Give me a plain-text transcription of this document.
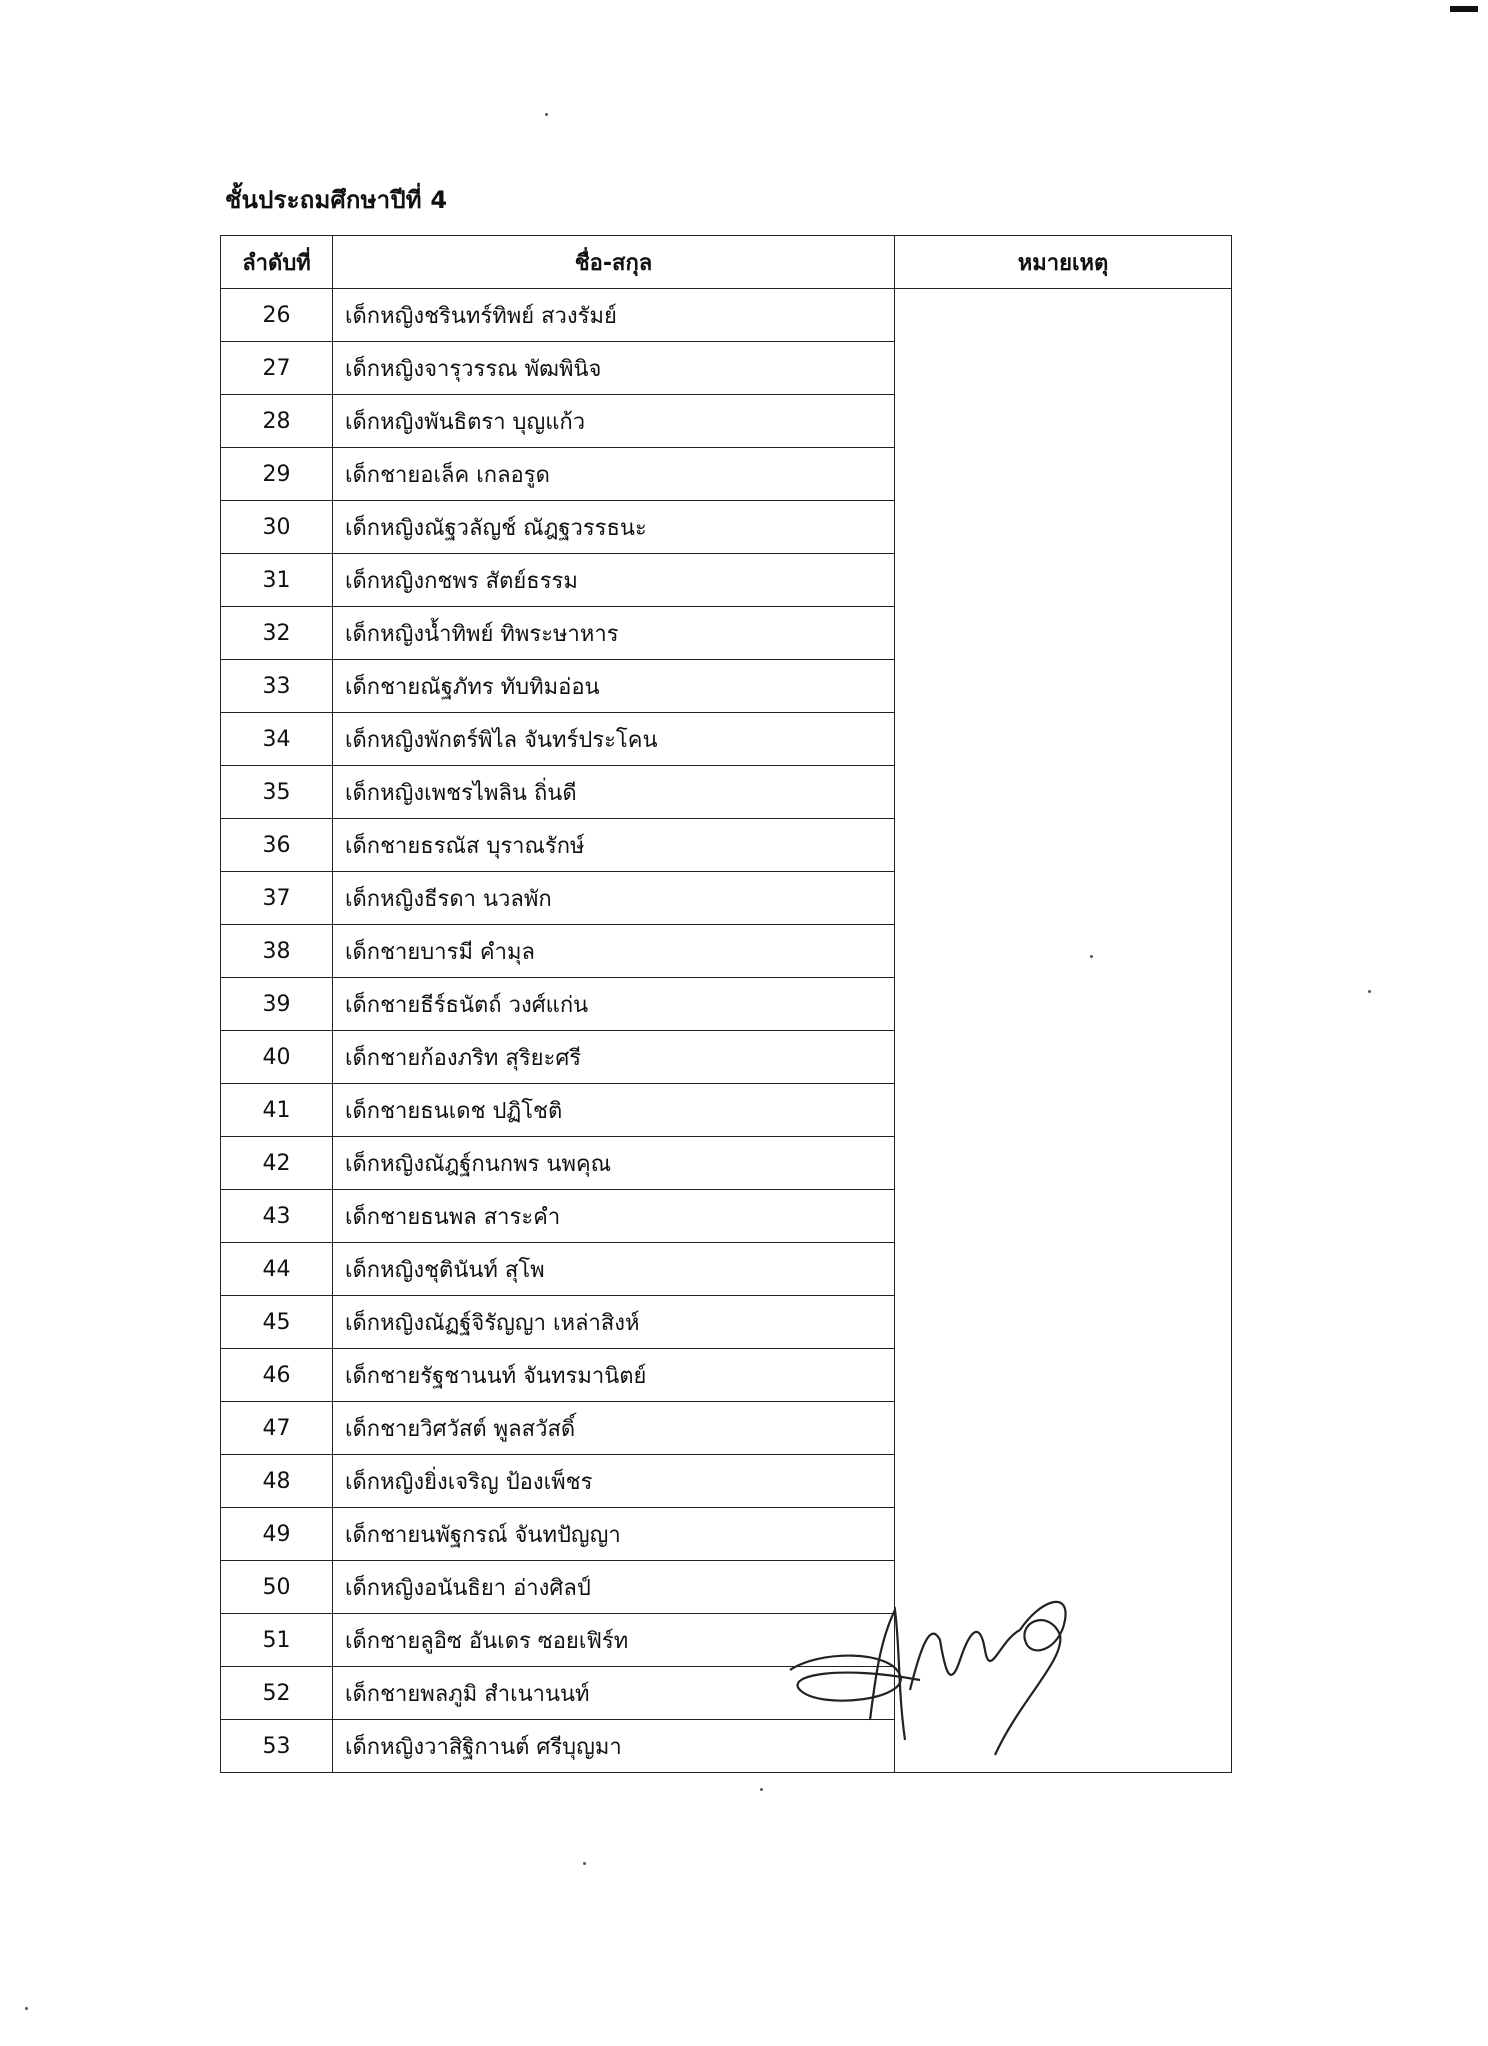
ชั้นประถมศึกษาปีที่ 4
ลำดับที่	ชื่อ-สกุล	หมายเหตุ
26	เด็กหญิงชรินทร์ทิพย์ สวงรัมย์	
27	เด็กหญิงจารุวรรณ พัฒพินิจ	
28	เด็กหญิงพันธิตรา บุญแก้ว	
29	เด็กชายอเล็ค เกลอรูด	
30	เด็กหญิงณัฐวลัญช์ ณัฎฐวรรธนะ	
31	เด็กหญิงกชพร สัตย์ธรรม	
32	เด็กหญิงน้ำทิพย์ ทิพระษาหาร	
33	เด็กชายณัฐภัทร ทับทิมอ่อน	
34	เด็กหญิงพักตร์พิไล จันทร์ประโคน	
35	เด็กหญิงเพชรไพลิน ถิ่นดี	
36	เด็กชายธรณัส บุราณรักษ์	
37	เด็กหญิงธีรดา นวลพัก	
38	เด็กชายบารมี คำมุล	
39	เด็กชายธีร์ธนัตถ์ วงศ์แก่น	
40	เด็กชายก้องภริท สุริยะศรี	
41	เด็กชายธนเดช ปฏิโชติ	
42	เด็กหญิงณัฎฐ์กนกพร นพคุณ	
43	เด็กชายธนพล สาระคำ	
44	เด็กหญิงชุตินันท์ สุโพ	
45	เด็กหญิงณัฏฐ์จิรัญญา เหล่าสิงห์	
46	เด็กชายรัฐชานนท์ จันทรมานิตย์	
47	เด็กชายวิศวัสต์ พูลสวัสดิ์	
48	เด็กหญิงยิ่งเจริญ ป้องเพ็ชร	
49	เด็กชายนพัฐกรณ์ จันทปัญญา	
50	เด็กหญิงอนันธิยา อ่างศิลป์	
51	เด็กชายลูอิซ อันเดร ซอยเฟิร์ท	
52	เด็กชายพลภูมิ สำเนานนท์	
53	เด็กหญิงวาสิฐิกานต์ ศรีบุญมา	
